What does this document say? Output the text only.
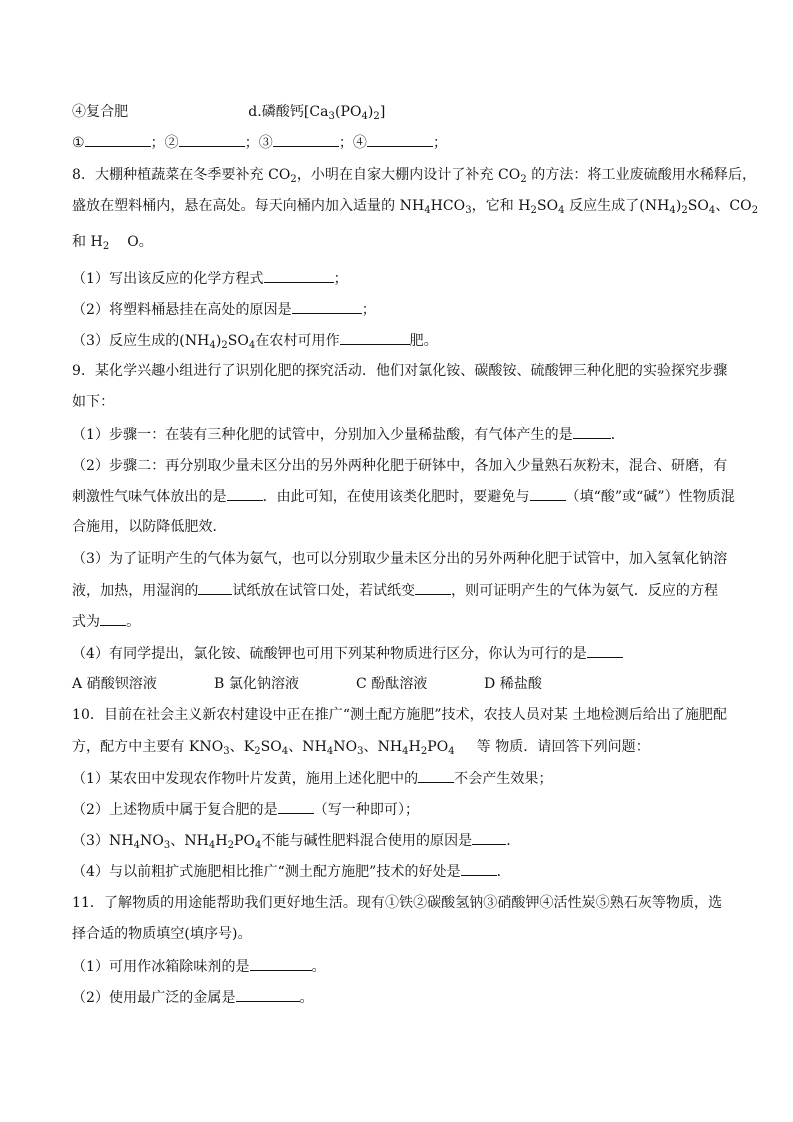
④复合肥	d.磷酸钙$[Ca_3(PO_4)_2]$
①	；②	；③	；④	；
8．大棚种植蔬菜在冬季要补充 $CO_2$，小明在自家大棚内设计了补充 $CO_2$ 的方法：将工业废硫酸用水稀释后，
盛放在塑料桶内，悬在高处。每天向桶内加入适量的 $NH_4HCO_3$，它和 $H_2SO_4$ 反应生成了$(NH_4)_2SO_4$、$CO_2$
和 $H_2$ O。
（1）写出该反应的化学方程式	；
（2）将塑料桶悬挂在高处的原因是	；
（3）反应生成的$(NH_4)_2SO_4$在农村可用作	肥。
9．某化学兴趣小组进行了识别化肥的探究活动．他们对氯化铵、碳酸铵、硫酸钾三种化肥的实验探究步骤
如下：
（1）步骤一：在装有三种化肥的试管中，分别加入少量稀盐酸，有气体产生的是	．
（2）步骤二：再分别取少量未区分出的另外两种化肥于研钵中，各加入少量熟石灰粉末，混合、研磨，有
刺激性气味气体放出的是	．由此可知，在使用该类化肥时，要避免与	（填“酸”或“碱”）性物质混
合施用，以防降低肥效．
（3）为了证明产生的气体为氨气，也可以分别取少量未区分出的另外两种化肥于试管中，加入氢氧化钠溶
液，加热，用湿润的 试纸放在试管口处，若试纸变	，则可证明产生的气体为氨气．反应的方程
式为 。
（4）有同学提出，氯化铵、硫酸钾也可用下列某种物质进行区分，你认为可行的是
A 硝酸钡溶液	B 氯化钠溶液	C 酚酞溶液	D 稀盐酸
10．目前在社会主义新农村建设中正在推广“测土配方施肥”技术，农技人员对某 土地检测后给出了施肥配
方，配方中主要有 $KNO_3$、$K_2SO_4$、$NH_4NO_3$、$NH_4H_2PO_4$ 等 物质．请回答下列问题：
（1）某农田中发现农作物叶片发黄，施用上述化肥中的	不会产生效果；
（2）上述物质中属于复合肥的是	（写一种即可）；
$(3)NH_4NO_3$、$NH_4H_2PO_4$不能与碱性肥料混合使用的原因是 ．
（4）与以前粗扩式施肥相比推广“测土配方施肥”技术的好处是	．
11．了解物质的用途能帮助我们更好地生活。现有①铁②碳酸氢钠③硝酸钾④活性炭⑤熟石灰等物质，选
择合适的物质填空(填序号)。
（1）可用作冰箱除味剂的是	。
（2）使用最广泛的金属是	。
